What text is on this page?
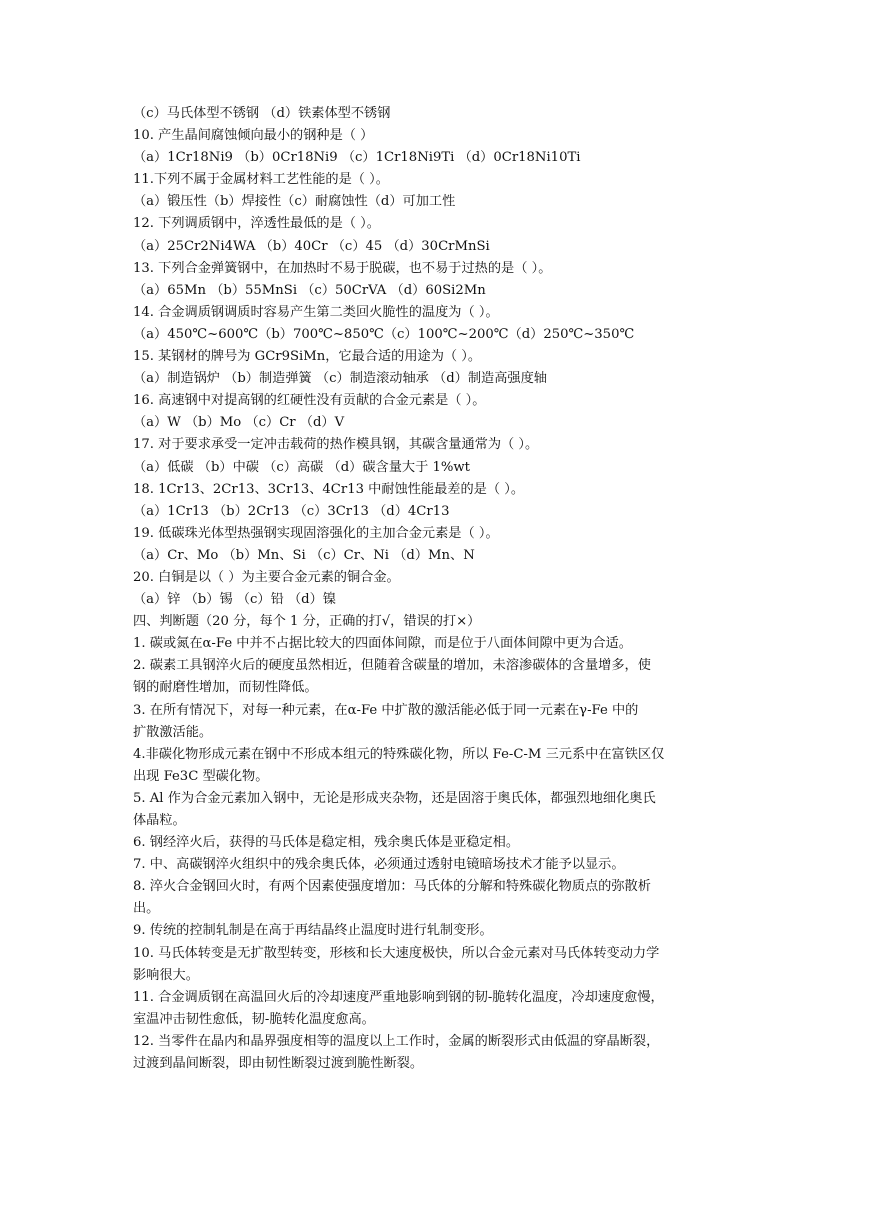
（c）马氏体型不锈钢 （d）铁素体型不锈钢
10. 产生晶间腐蚀倾向最小的钢种是（ ）
（a）1Cr18Ni9 （b）0Cr18Ni9 （c）1Cr18Ni9Ti （d）0Cr18Ni10Ti
11.下列不属于金属材料工艺性能的是（ ）。
（a）锻压性（b）焊接性（c）耐腐蚀性（d）可加工性
12. 下列调质钢中，淬透性最低的是（ ）。
（a）25Cr2Ni4WA （b）40Cr （c）45 （d）30CrMnSi
13. 下列合金弹簧钢中，在加热时不易于脱碳，也不易于过热的是（ ）。
（a）65Mn （b）55MnSi （c）50CrVA （d）60Si2Mn
14. 合金调质钢调质时容易产生第二类回火脆性的温度为（ ）。
（a）450℃~600℃（b）700℃~850℃（c）100℃~200℃（d）250℃~350℃
15. 某钢材的牌号为 GCr9SiMn，它最合适的用途为（ ）。
（a）制造锅炉 （b）制造弹簧 （c）制造滚动轴承 （d）制造高强度轴
16. 高速钢中对提高钢的红硬性没有贡献的合金元素是（ ）。
（a）W （b）Mo （c）Cr （d）V
17. 对于要求承受一定冲击载荷的热作模具钢，其碳含量通常为（ ）。
（a）低碳 （b）中碳 （c）高碳 （d）碳含量大于 1%wt
18. 1Cr13、2Cr13、3Cr13、4Cr13 中耐蚀性能最差的是（ ）。
（a）1Cr13 （b）2Cr13 （c）3Cr13 （d）4Cr13
19. 低碳珠光体型热强钢实现固溶强化的主加合金元素是（ ）。
（a）Cr、Mo （b）Mn、Si （c）Cr、Ni （d）Mn、N
20. 白铜是以（ ）为主要合金元素的铜合金。
（a）锌 （b）锡 （c）铅 （d）镍
四、判断题（20 分，每个 1 分，正确的打√，错误的打×）
1. 碳或氮在α-Fe 中并不占据比较大的四面体间隙，而是位于八面体间隙中更为合适。
2. 碳素工具钢淬火后的硬度虽然相近，但随着含碳量的增加，未溶渗碳体的含量增多，使
钢的耐磨性增加，而韧性降低。
3. 在所有情况下，对每一种元素，在α-Fe 中扩散的激活能必低于同一元素在γ-Fe 中的
扩散激活能。
4.非碳化物形成元素在钢中不形成本组元的特殊碳化物，所以 Fe-C-M 三元系中在富铁区仅
出现 Fe3C 型碳化物。
5. Al 作为合金元素加入钢中，无论是形成夹杂物，还是固溶于奥氏体，都强烈地细化奥氏
体晶粒。
6. 钢经淬火后，获得的马氏体是稳定相，残余奥氏体是亚稳定相。
7. 中、高碳钢淬火组织中的残余奥氏体，必须通过透射电镜暗场技术才能予以显示。
8. 淬火合金钢回火时，有两个因素使强度增加：马氏体的分解和特殊碳化物质点的弥散析
出。
9. 传统的控制轧制是在高于再结晶终止温度时进行轧制变形。
10. 马氏体转变是无扩散型转变，形核和长大速度极快，所以合金元素对马氏体转变动力学
影响很大。
11. 合金调质钢在高温回火后的冷却速度严重地影响到钢的韧-脆转化温度，冷却速度愈慢，
室温冲击韧性愈低，韧-脆转化温度愈高。
12. 当零件在晶内和晶界强度相等的温度以上工作时，金属的断裂形式由低温的穿晶断裂，
过渡到晶间断裂，即由韧性断裂过渡到脆性断裂。
